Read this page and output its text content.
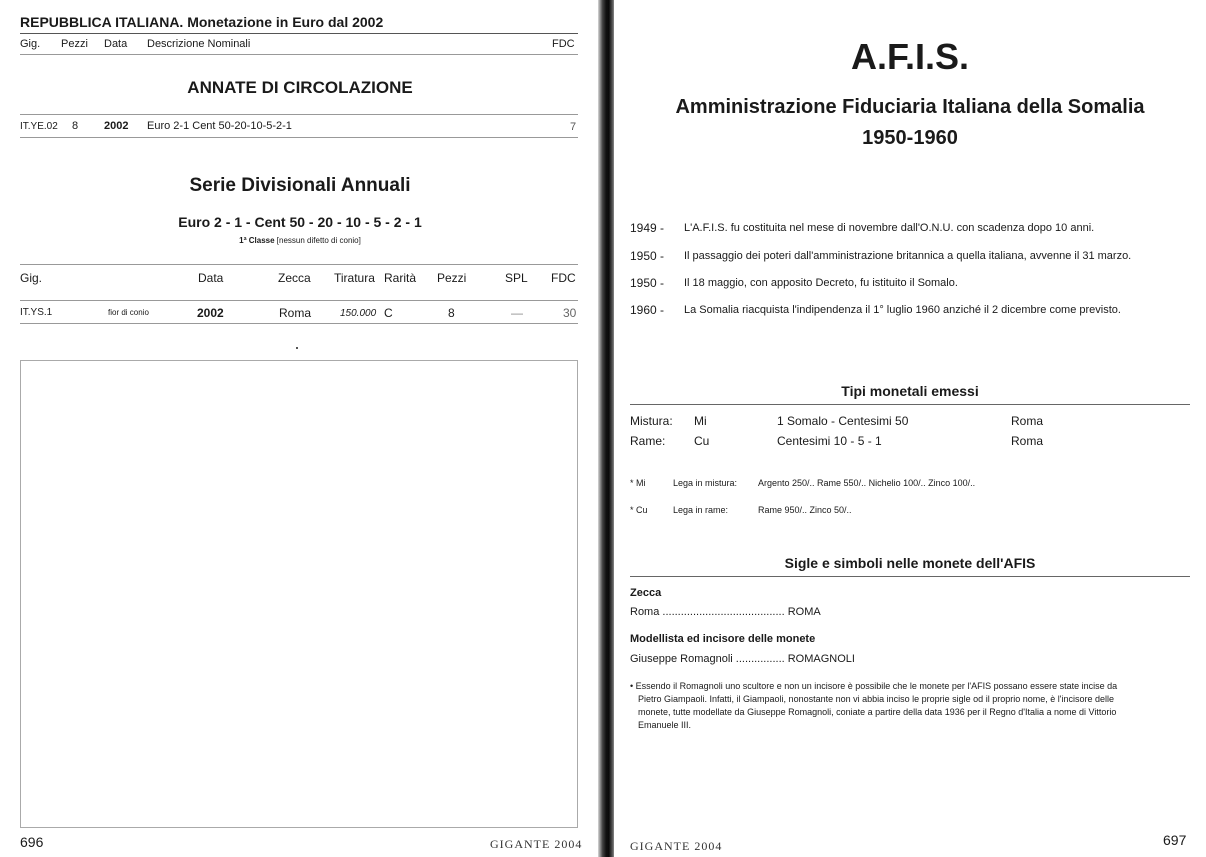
REPUBBLICA ITALIANA. Monetazione in Euro dal 2002
Gig. Pezzi Data Descrizione Nominali	FDC
ANNATE DI CIRCOLAZIONE
IT.YE.02 8 2002 Euro 2-1 Cent 50-20-10-5-2-1	7
Serie Divisionali Annuali
Euro 2 - 1 - Cent 50 - 20 - 10 - 5 - 2 - 1
1ª Classe [nessun difetto di conio]
Gig.	Data	Zecca Tiratura Rarità Pezzi	SPL FDC
IT.YS.1	fior di conio	2002	Roma	150.000 C	8	—	30
696	GIGANTE 2004
A.F.I.S.
Amministrazione Fiduciaria Italiana della Somalia
1950-1960
1949 - L'A.F.I.S. fu costituita nel mese di novembre dall'O.N.U. con scadenza dopo 10 anni.
1950 - Il passaggio dei poteri dall'amministrazione britannica a quella italiana, avvenne il 31 marzo.
1950 - Il 18 maggio, con apposito Decreto, fu istituito il Somalo.
1960 - La Somalia riacquista l'indipendenza il 1° luglio 1960 anziché il 2 dicembre come previsto.
Tipi monetali emessi
Mistura: Mi	1 Somalo - Centesimi 50	Roma
Rame: Cu	Centesimi 10 - 5 - 1	Roma
* Mi	Lega in mistura: Argento 250/.. Rame 550/.. Nichelio 100/.. Zinco 100/..
* Cu	Lega in rame:	Rame 950/.. Zinco 50/..
Sigle e simboli nelle monete dell'AFIS
Zecca
Roma ........................................ ROMA
Modellista ed incisore delle monete
Giuseppe Romagnoli ................ ROMAGNOLI
• Essendo il Romagnoli uno scultore e non un incisore è possibile che le monete per l'AFIS possano essere state incise da
Pietro Giampaoli. Infatti, il Giampaoli, nonostante non vi abbia inciso le proprie sigle od il proprio nome, è l'incisore delle
monete, tutte modellate da Giuseppe Romagnoli, coniate a partire della data 1936 per il Regno d'Italia a nome di Vittorio
Emanuele III.
GIGANTE 2004	697
